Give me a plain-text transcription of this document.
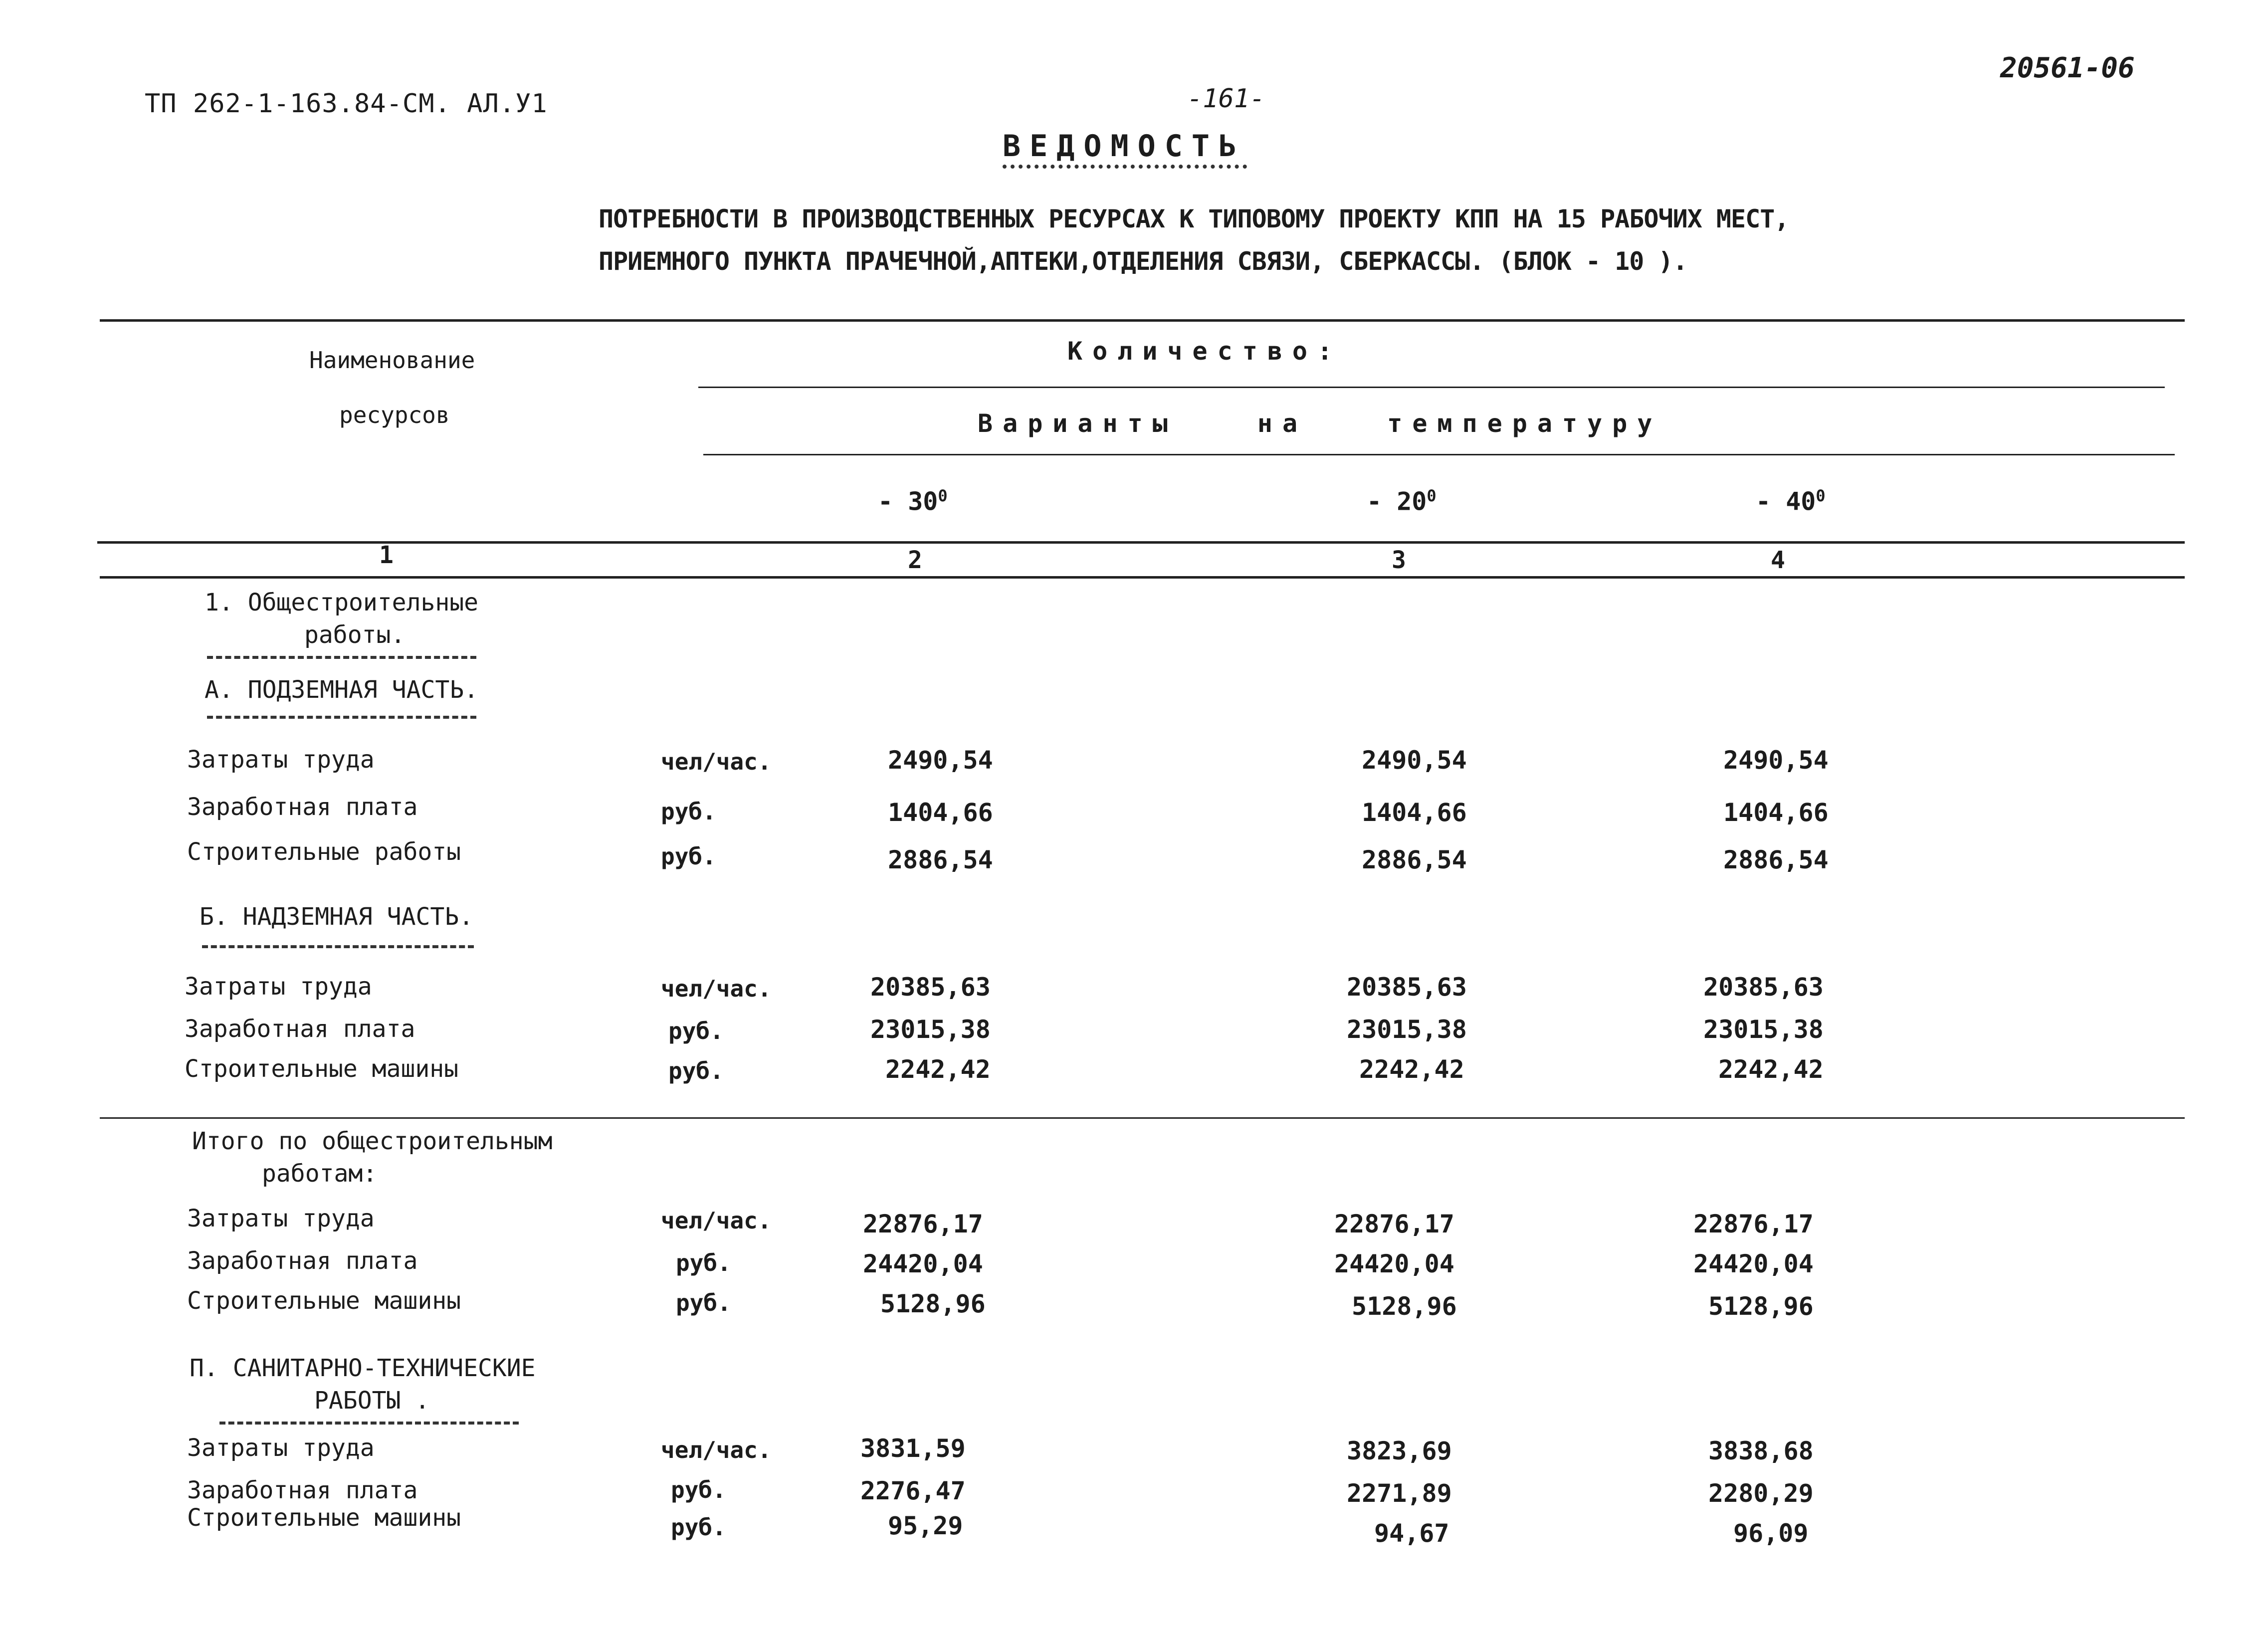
ТП 262-1-163.84-СМ. АЛ.У1	-161-
20561-06
ВЕДОМОСТЬ
ПОТРЕБНОСТИ В ПРОИЗВОДСТВЕННЫХ РЕСУРСАХ К ТИПОВОМУ ПРОЕКТУ КПП НА 15 РАБОЧИХ МЕСТ,
ПРИЕМНОГО ПУНКТА ПРАЧЕЧНОЙ,АПТЕКИ,ОТДЕЛЕНИЯ СВЯЗИ, СБЕРКАССЫ. (БЛОК - 10 ).
Наименование
ресурсов
Количество:
Варианты на температуру
- $30^0$	- $20^0$	- $40^0$
1	2	3	4
1. Общестроительные
работы.
А. ПОДЗЕМНАЯ ЧАСТЬ.
Затраты труда	чел/час.	2490,54	2490,54	2490,54
Заработная плата	руб.	1404,66	1404,66	1404,66
Строительные работы	руб.	2886,54	2886,54	2886,54
Б. НАДЗЕМНАЯ ЧАСТЬ.
Затраты труда	чел/час.	20385,63	20385,63	20385,63
Заработная плата	руб.	23015,38	23015,38	23015,38
Строительные машины	руб.	2242,42	2242,42	2242,42
Итого по общестроительным
работам:
Затраты труда	чел/час.	22876,17	22876,17	22876,17
Заработная плата	руб.	24420,04	24420,04	24420,04
Строительные машины	руб.	5128,96	5128,96	5128,96
П. САНИТАРНО-ТЕХНИЧЕСКИЕ
РАБОТЫ .
Затраты труда	чел/час.	3831,59	3823,69	3838,68
Заработная плата	руб.	2276,47	2271,89	2280,29
Строительные машины	руб.	95,29	94,67	96,09
